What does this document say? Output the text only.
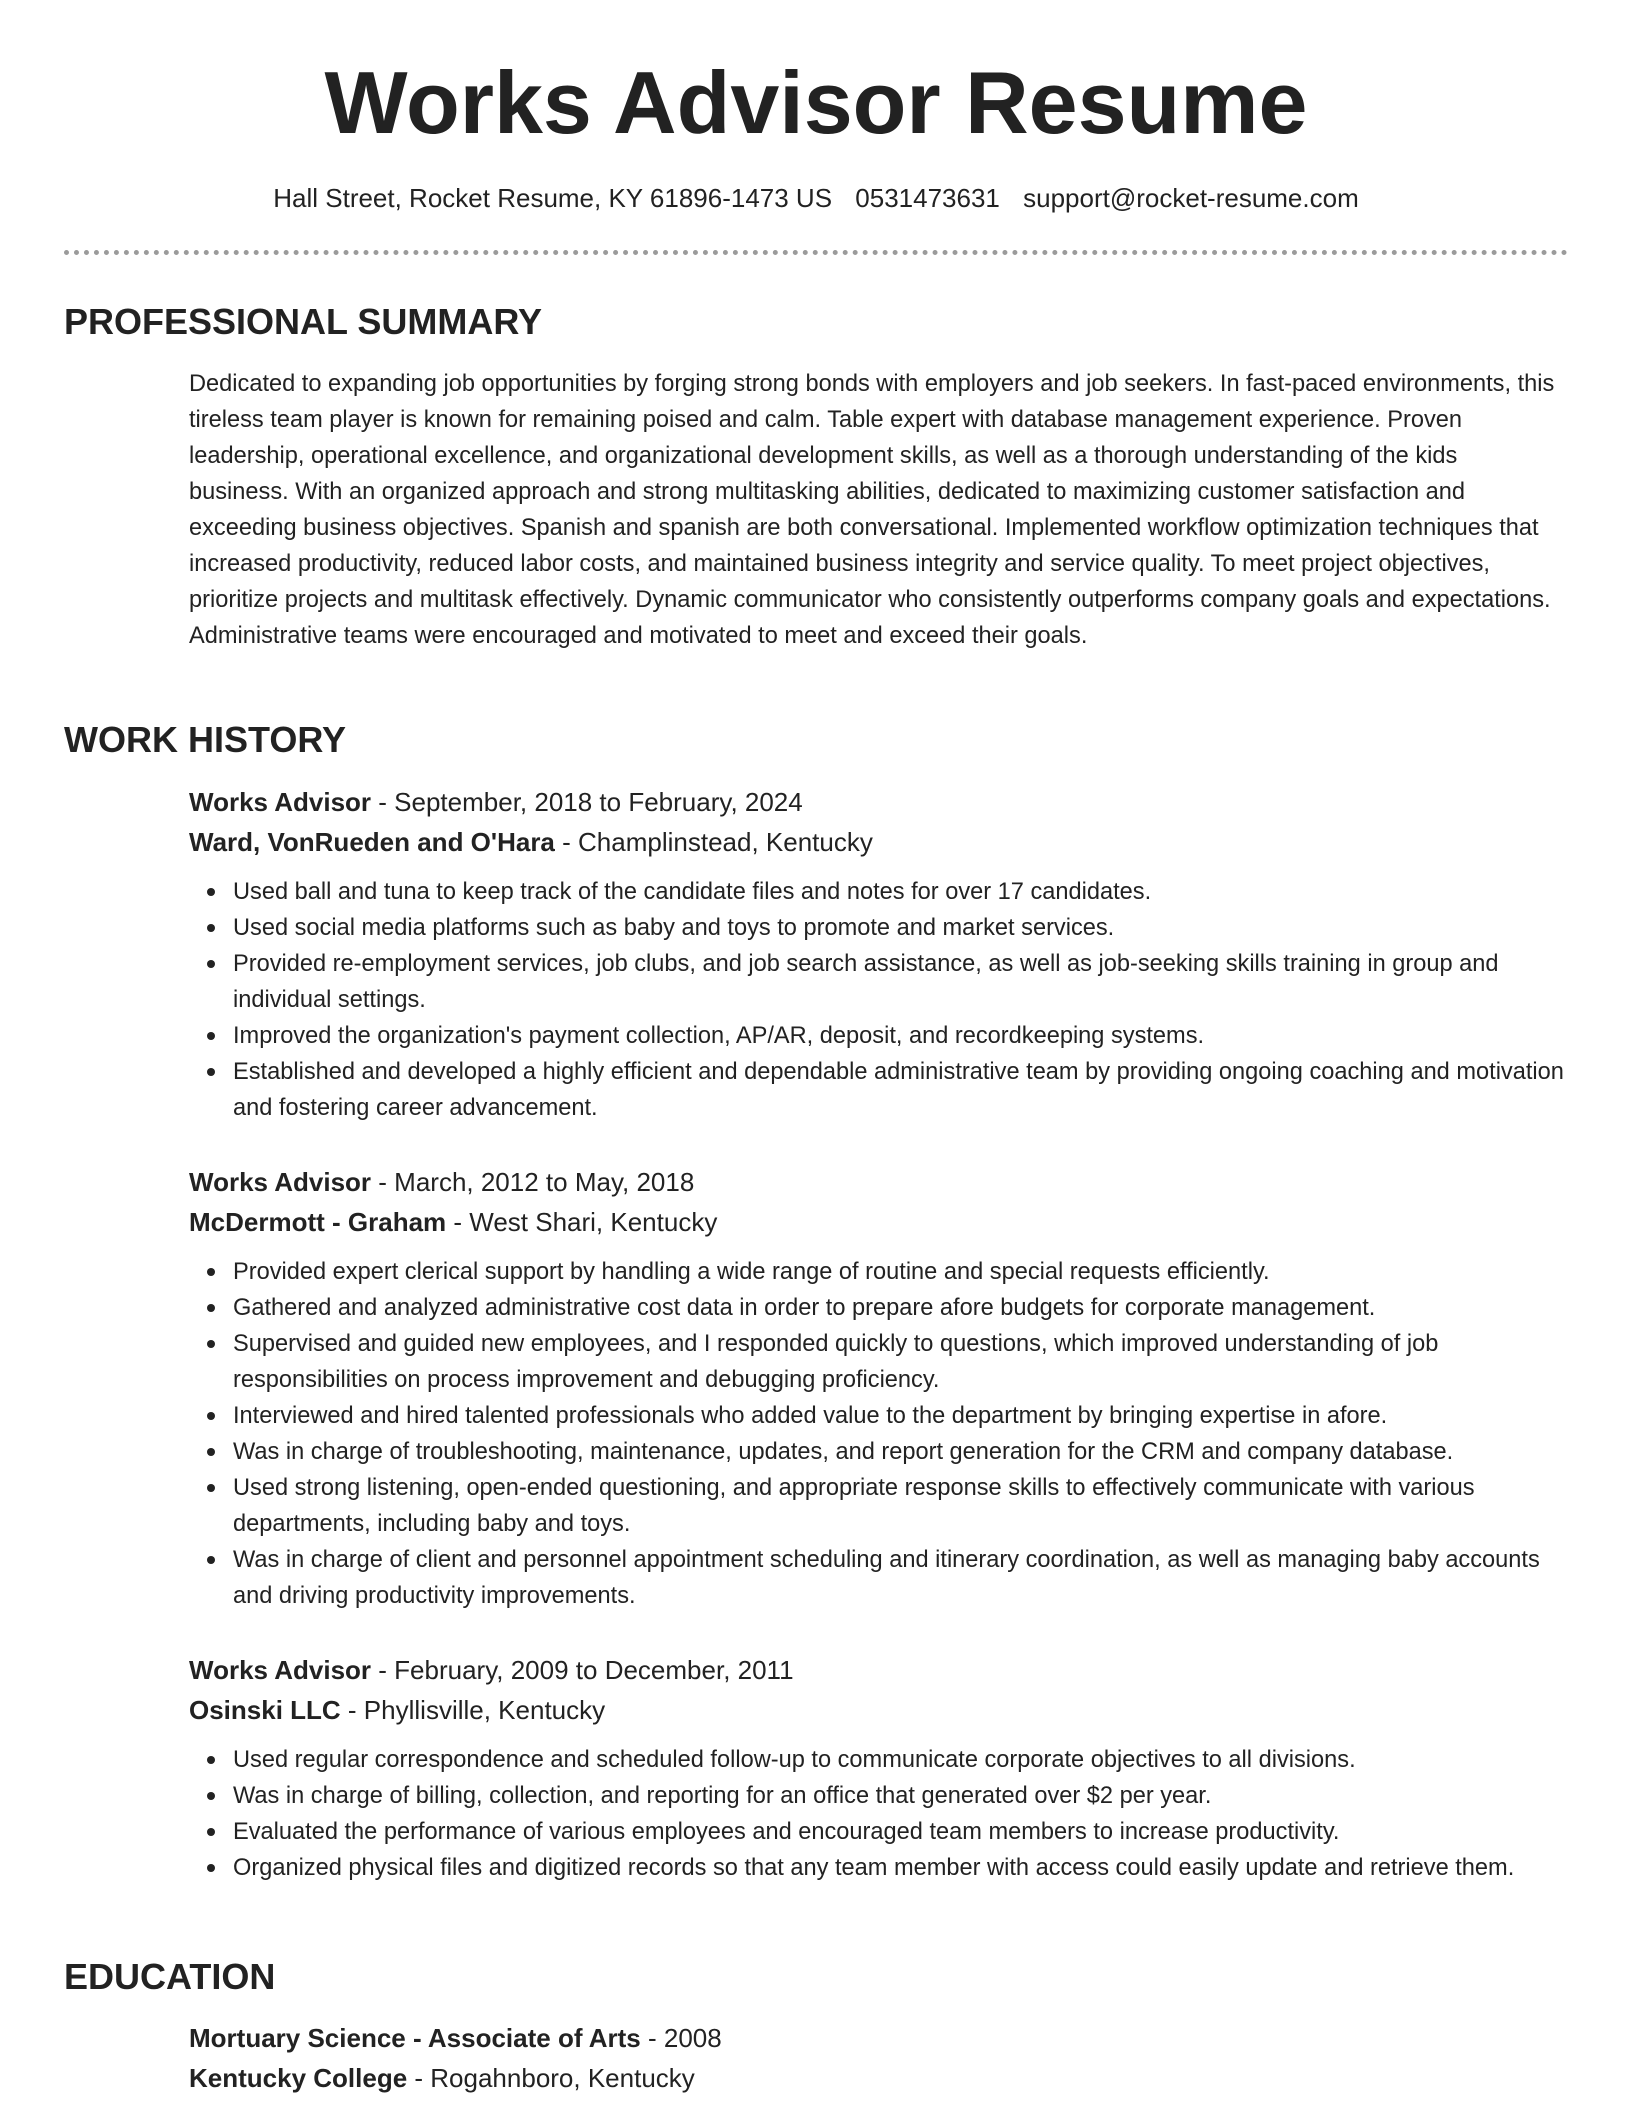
Works Advisor Resume
Hall Street, Rocket Resume, KY 61896-1473 US 0531473631 support@rocket-resume.com
PROFESSIONAL SUMMARY

Dedicated to expanding job opportunities by forging strong bonds with employers and job seekers. In fast-paced environments, this tireless team player is known for remaining poised and calm. Table expert with database management experience. Proven leadership, operational excellence, and organizational development skills, as well as a thorough understanding of the kids business. With an organized approach and strong multitasking abilities, dedicated to maximizing customer satisfaction and exceeding business objectives. Spanish and spanish are both conversational. Implemented workflow optimization techniques that increased productivity, reduced labor costs, and maintained business integrity and service quality. To meet project objectives, prioritize projects and multitask effectively. Dynamic communicator who consistently outperforms company goals and expectations. Administrative teams were encouraged and motivated to meet and exceed their goals.

WORK HISTORY
Works Advisor - September, 2018 to February, 2024
Ward, VonRueden and O'Hara - Champlinstead, Kentucky
Used ball and tuna to keep track of the candidate files and notes for over 17 candidates.
Used social media platforms such as baby and toys to promote and market services.
Provided re-employment services, job clubs, and job search assistance, as well as job-seeking skills training in group and individual settings.
Improved the organization's payment collection, AP/AR, deposit, and recordkeeping systems.
Established and developed a highly efficient and dependable administrative team by providing ongoing coaching and motivation and fostering career advancement.
Works Advisor - March, 2012 to May, 2018
McDermott - Graham - West Shari, Kentucky
Provided expert clerical support by handling a wide range of routine and special requests efficiently.
Gathered and analyzed administrative cost data in order to prepare afore budgets for corporate management.
Supervised and guided new employees, and I responded quickly to questions, which improved understanding of job responsibilities on process improvement and debugging proficiency.
Interviewed and hired talented professionals who added value to the department by bringing expertise in afore.
Was in charge of troubleshooting, maintenance, updates, and report generation for the CRM and company database.
Used strong listening, open-ended questioning, and appropriate response skills to effectively communicate with various departments, including baby and toys.
Was in charge of client and personnel appointment scheduling and itinerary coordination, as well as managing baby accounts and driving productivity improvements.
Works Advisor - February, 2009 to December, 2011
Osinski LLC - Phyllisville, Kentucky
Used regular correspondence and scheduled follow-up to communicate corporate objectives to all divisions.
Was in charge of billing, collection, and reporting for an office that generated over $2 per year.
Evaluated the performance of various employees and encouraged team members to increase productivity.
Organized physical files and digitized records so that any team member with access could easily update and retrieve them.
EDUCATION
Mortuary Science - Associate of Arts - 2008
Kentucky College - Rogahnboro, Kentucky
